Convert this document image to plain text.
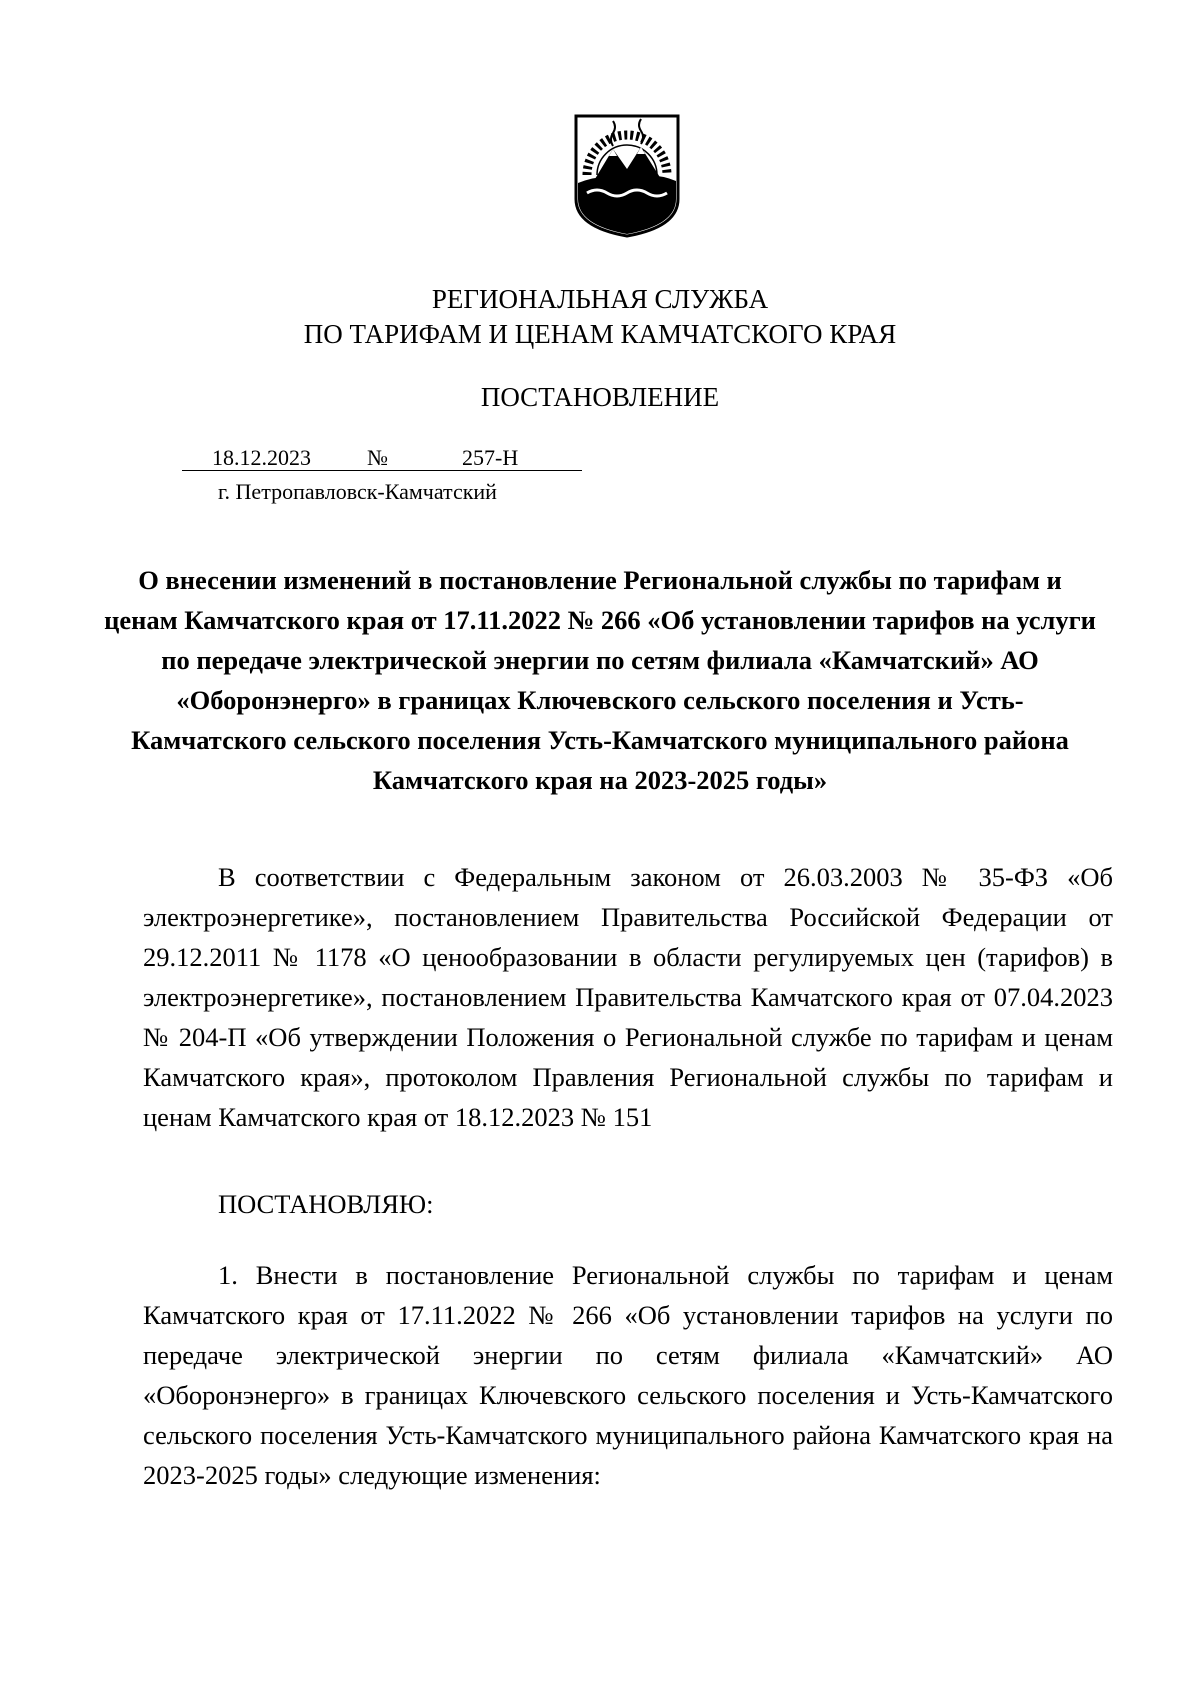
РЕГИОНАЛЬНАЯ СЛУЖБА
ПО ТАРИФАМ И ЦЕНАМ КАМЧАТСКОГО КРАЯ
ПОСТАНОВЛЕНИЕ
18.12.2023	№	257-Н
г. Петропавловск-Камчатский
О внесении изменений в постановление Региональной службы по тарифам и ценам Камчатского края от 17.11.2022 № 266 «Об установлении тарифов на услуги по передаче электрической энергии по сетям филиала «Камчатский» АО «Оборонэнерго» в границах Ключевского сельского поселения и Усть-Камчатского сельского поселения Усть-Камчатского муниципального района Камчатского края на 2023-2025 годы»
В соответствии с Федеральным законом от 26.03.2003 № 35-ФЗ «Об электроэнергетике», постановлением Правительства Российской Федерации от 29.12.2011 № 1178 «О ценообразовании в области регулируемых цен (тарифов) в электроэнергетике», постановлением Правительства Камчатского края от 07.04.2023 № 204-П «Об утверждении Положения о Региональной службе по тарифам и ценам Камчатского края», протоколом Правления Региональной службы по тарифам и ценам Камчатского края от 18.12.2023 № 151
ПОСТАНОВЛЯЮ:
1. Внести в постановление Региональной службы по тарифам и ценам Камчатского края от 17.11.2022 № 266 «Об установлении тарифов на услуги по передаче электрической энергии по сетям филиала «Камчатский» АО «Оборонэнерго» в границах Ключевского сельского поселения и Усть-Камчатского сельского поселения Усть-Камчатского муниципального района Камчатского края на 2023-2025 годы» следующие изменения:
